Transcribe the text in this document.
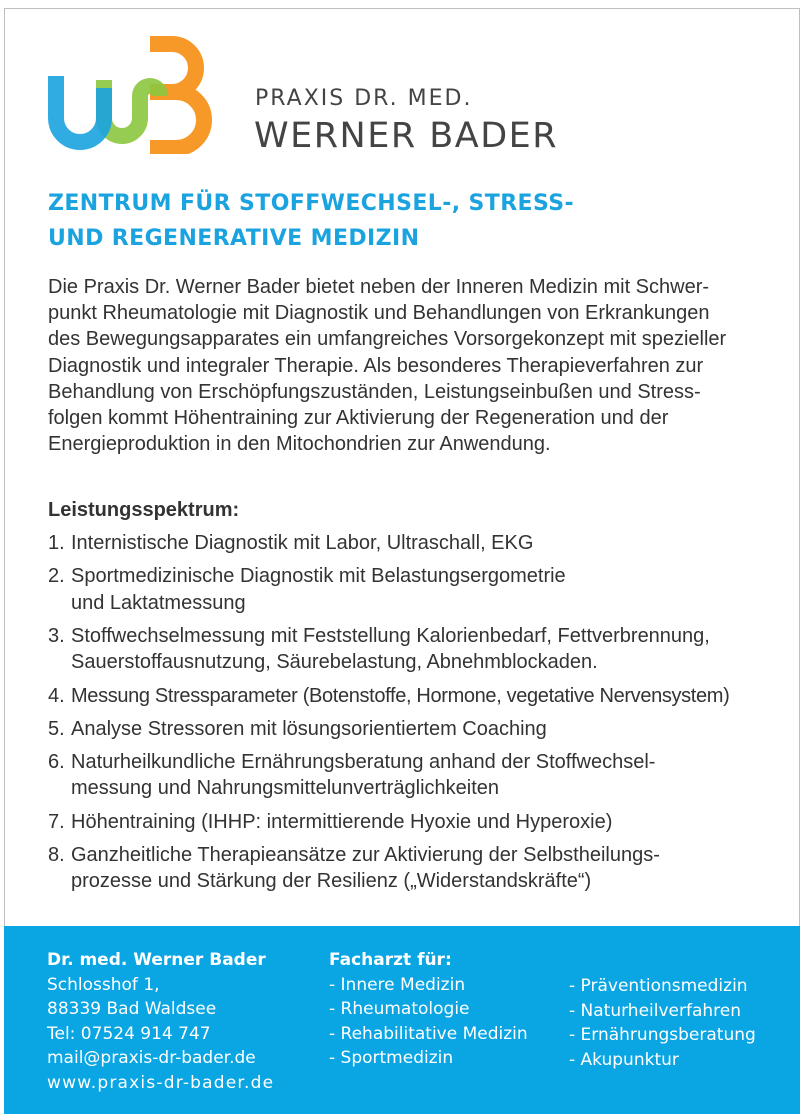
PRAXIS DR. MED.
WERNER BADER
ZENTRUM FÜR STOFFWECHSEL-, STRESS-
UND REGENERATIVE MEDIZIN
Die Praxis Dr. Werner Bader bietet neben der Inneren Medizin mit Schwer-
punkt Rheumatologie mit Diagnostik und Behandlungen von Erkrankungen
des Bewegungsapparates ein umfangreiches Vorsorgekonzept mit spezieller
Diagnostik und integraler Therapie. Als besonderes Therapieverfahren zur
Behandlung von Erschöpfungszuständen, Leistungseinbußen und Stress-
folgen kommt Höhentraining zur Aktivierung der Regeneration und der
Energieproduktion in den Mitochondrien zur Anwendung.
Leistungsspektrum:
1. Internistische Diagnostik mit Labor, Ultraschall, EKG
2. Sportmedizinische Diagnostik mit Belastungsergometrie
und Laktatmessung
3. Stoffwechselmessung mit Feststellung Kalorienbedarf, Fettverbrennung,
Sauerstoffausnutzung, Säurebelastung, Abnehmblockaden.
4. Messung Stressparameter (Botenstoffe, Hormone, vegetative Nervensystem)
5. Analyse Stressoren mit lösungsorientiertem Coaching
6. Naturheilkundliche Ernährungsberatung anhand der Stoffwechsel-
messung und Nahrungsmittelunverträglichkeiten
7. Höhentraining (IHHP: intermittierende Hyoxie und Hyperoxie)
8. Ganzheitliche Therapieansätze zur Aktivierung der Selbstheilungs-
prozesse und Stärkung der Resilienz („Widerstandskräfte“)
Dr. med. Werner Bader
Schlosshof 1,
88339 Bad Waldsee
Tel: 07524 914 747
mail@praxis-dr-bader.de
www.praxis-dr-bader.de
Facharzt für:
- Innere Medizin
- Rheumatologie
- Rehabilitative Medizin
- Sportmedizin
- Präventionsmedizin
- Naturheilverfahren
- Ernährungsberatung
- Akupunktur
